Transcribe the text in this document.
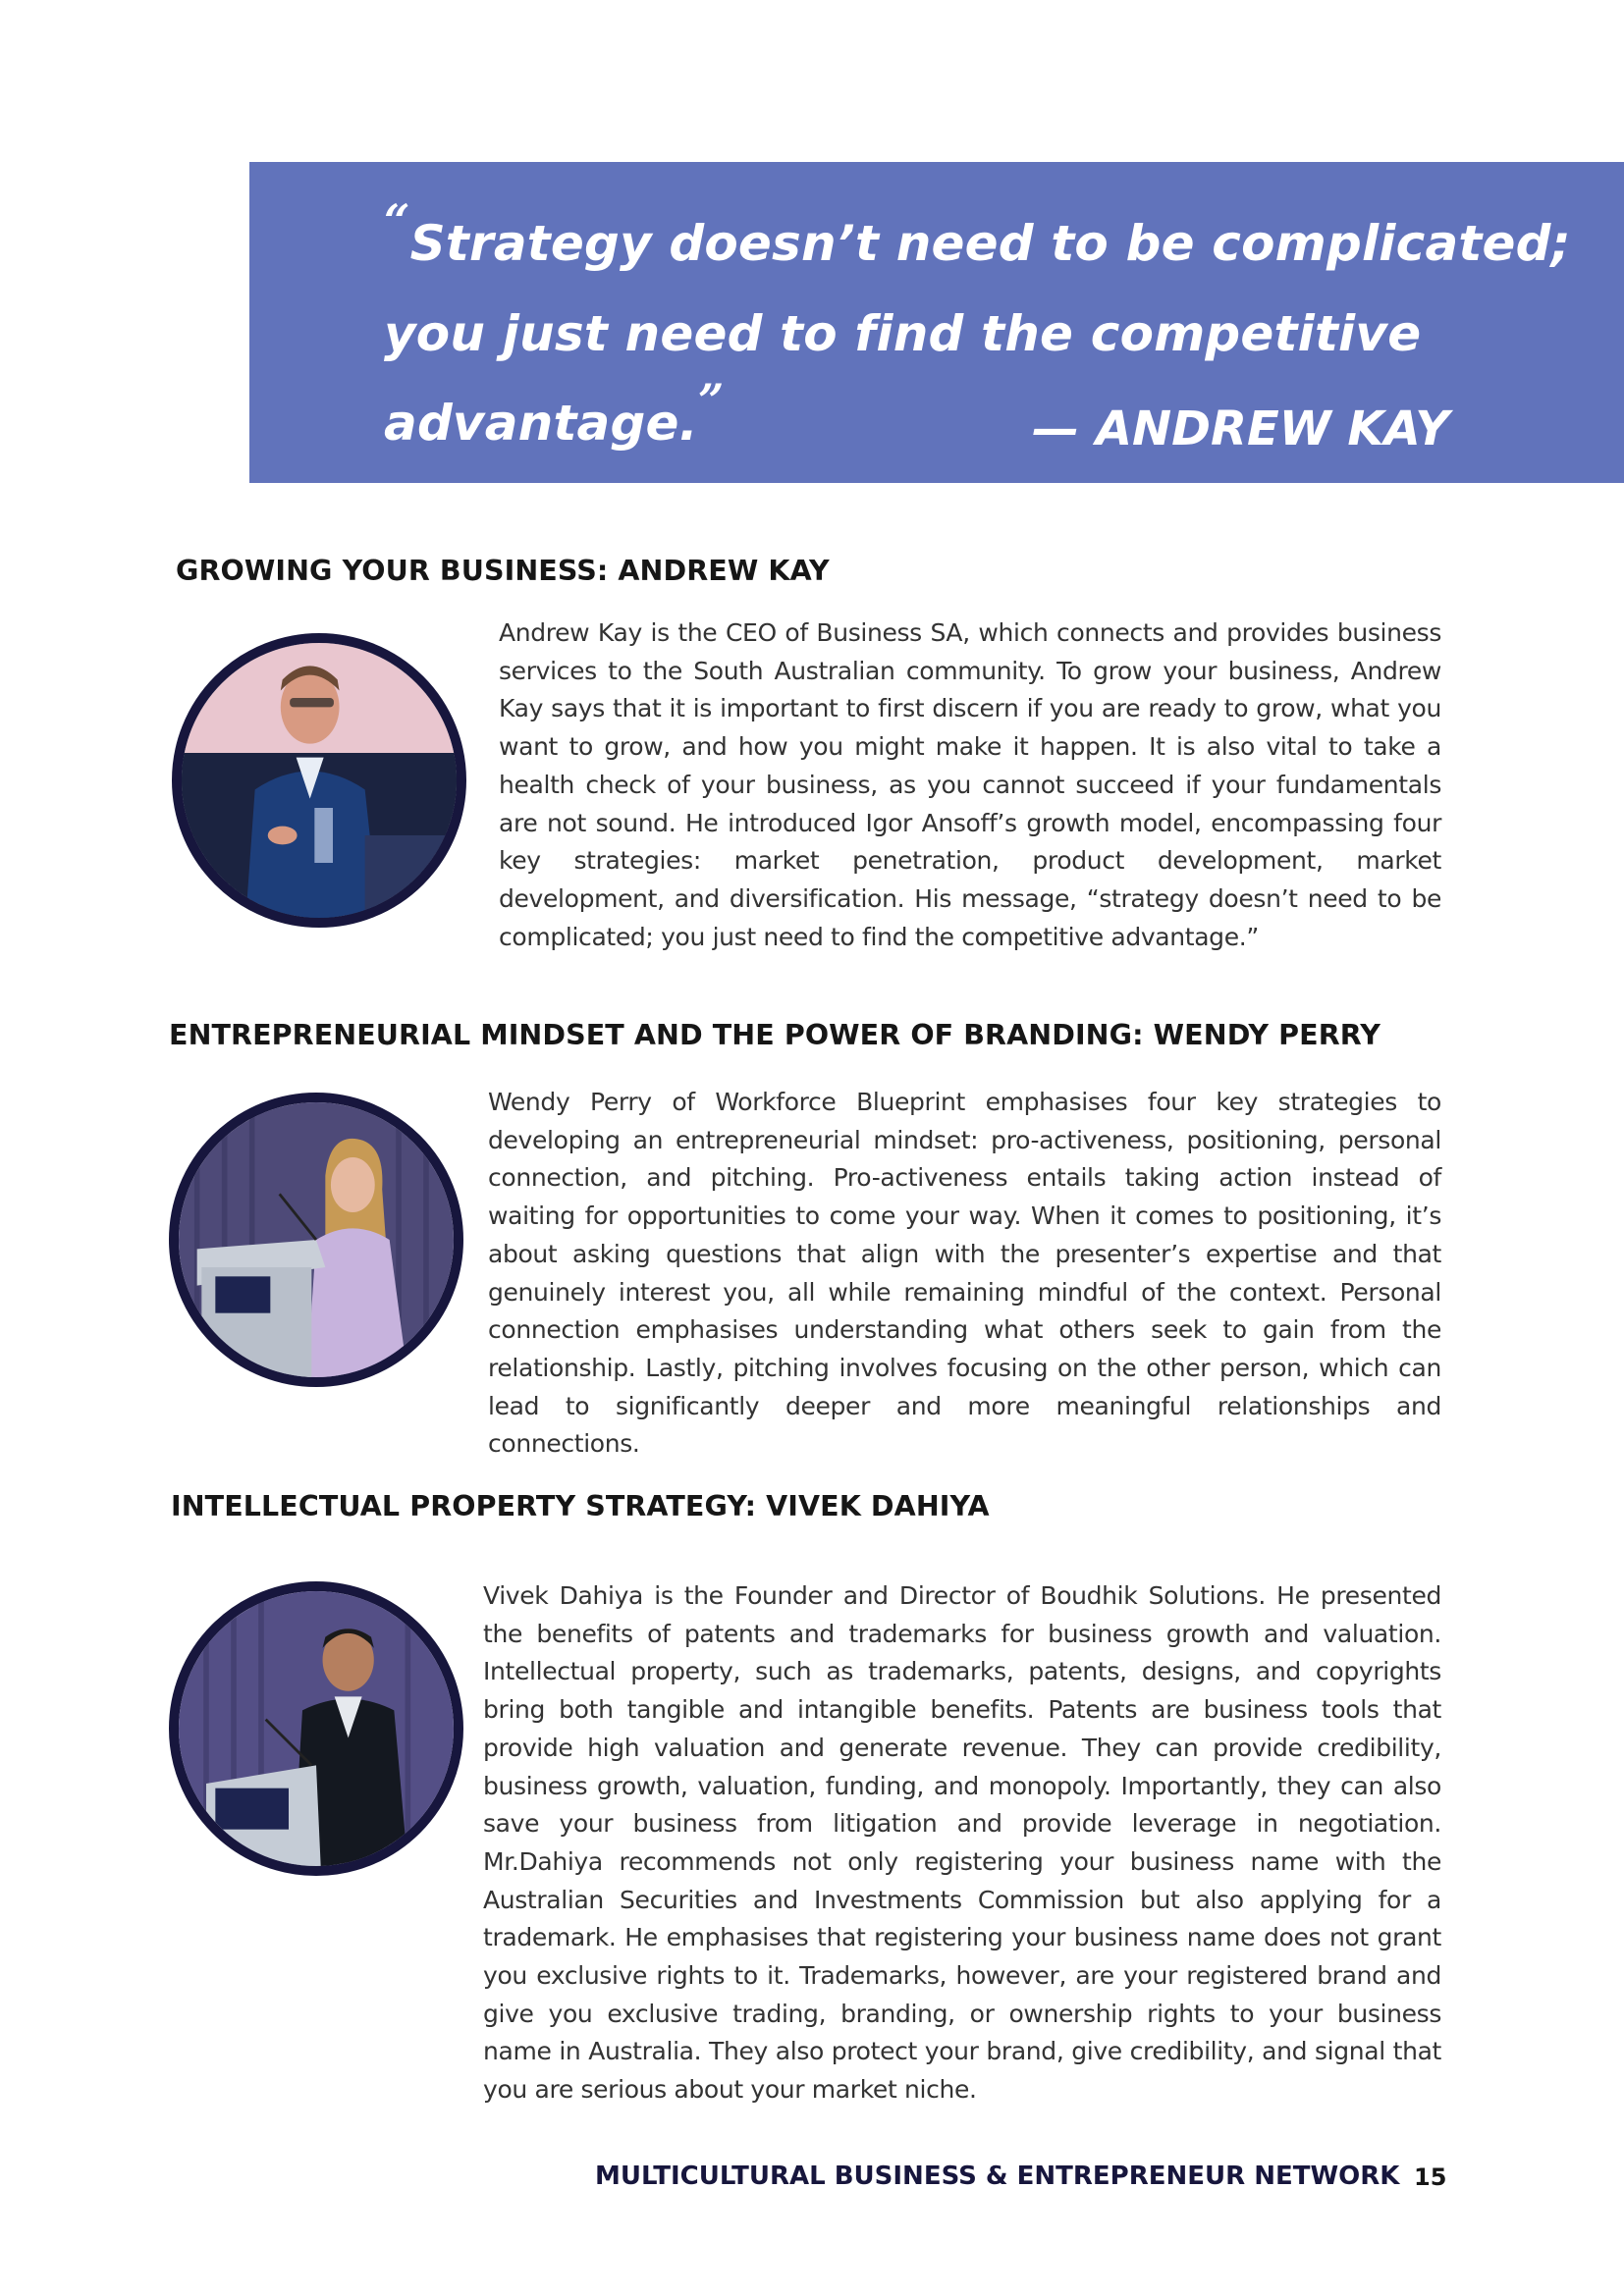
“Strategy doesn’t need to be complicated;
you just need to find the competitive
advantage.”
— ANDREW KAY
GROWING YOUR BUSINESS: ANDREW KAY
Andrew Kay is the CEO of Business SA, which connects and provides business services to the South Australian community. To grow your business, Andrew Kay says that it is important to first discern if you are ready to grow, what you want to grow, and how you might make it happen. It is also vital to take a health check of your business, as you cannot succeed if your fundamentals are not sound. He introduced Igor Ansoff’s growth model, encompassing four key strategies: market penetration, product development, market development, and diversification. His message, “strategy doesn’t need to be complicated; you just need to find the competitive advantage.”
ENTREPRENEURIAL MINDSET AND THE POWER OF BRANDING: WENDY PERRY
Wendy Perry of Workforce Blueprint emphasises four key strategies to developing an entrepreneurial mindset: pro-activeness, positioning, personal connection, and pitching. Pro-activeness entails taking action instead of waiting for opportunities to come your way. When it comes to positioning, it’s about asking questions that align with the presenter’s expertise and that genuinely interest you, all while remaining mindful of the context. Personal connection emphasises understanding what others seek to gain from the relationship. Lastly, pitching involves focusing on the other person, which can lead to significantly deeper and more meaningful relationships and connections.
INTELLECTUAL PROPERTY STRATEGY: VIVEK DAHIYA
Vivek Dahiya is the Founder and Director of Boudhik Solutions. He presented the benefits of patents and trademarks for business growth and valuation. Intellectual property, such as trademarks, patents, designs, and copyrights bring both tangible and intangible benefits. Patents are business tools that provide high valuation and generate revenue. They can provide credibility, business growth, valuation, funding, and monopoly. Importantly, they can also save your business from litigation and provide leverage in negotiation. Mr.Dahiya recommends not only registering your business name with the Australian Securities and Investments Commission but also applying for a trademark. He emphasises that registering your business name does not grant you exclusive rights to it. Trademarks, however, are your registered brand and give you exclusive trading, branding, or ownership rights to your business name in Australia. They also protect your brand, give credibility, and signal that you are serious about your market niche.
MULTICULTURAL BUSINESS & ENTREPRENEUR NETWORK 15
